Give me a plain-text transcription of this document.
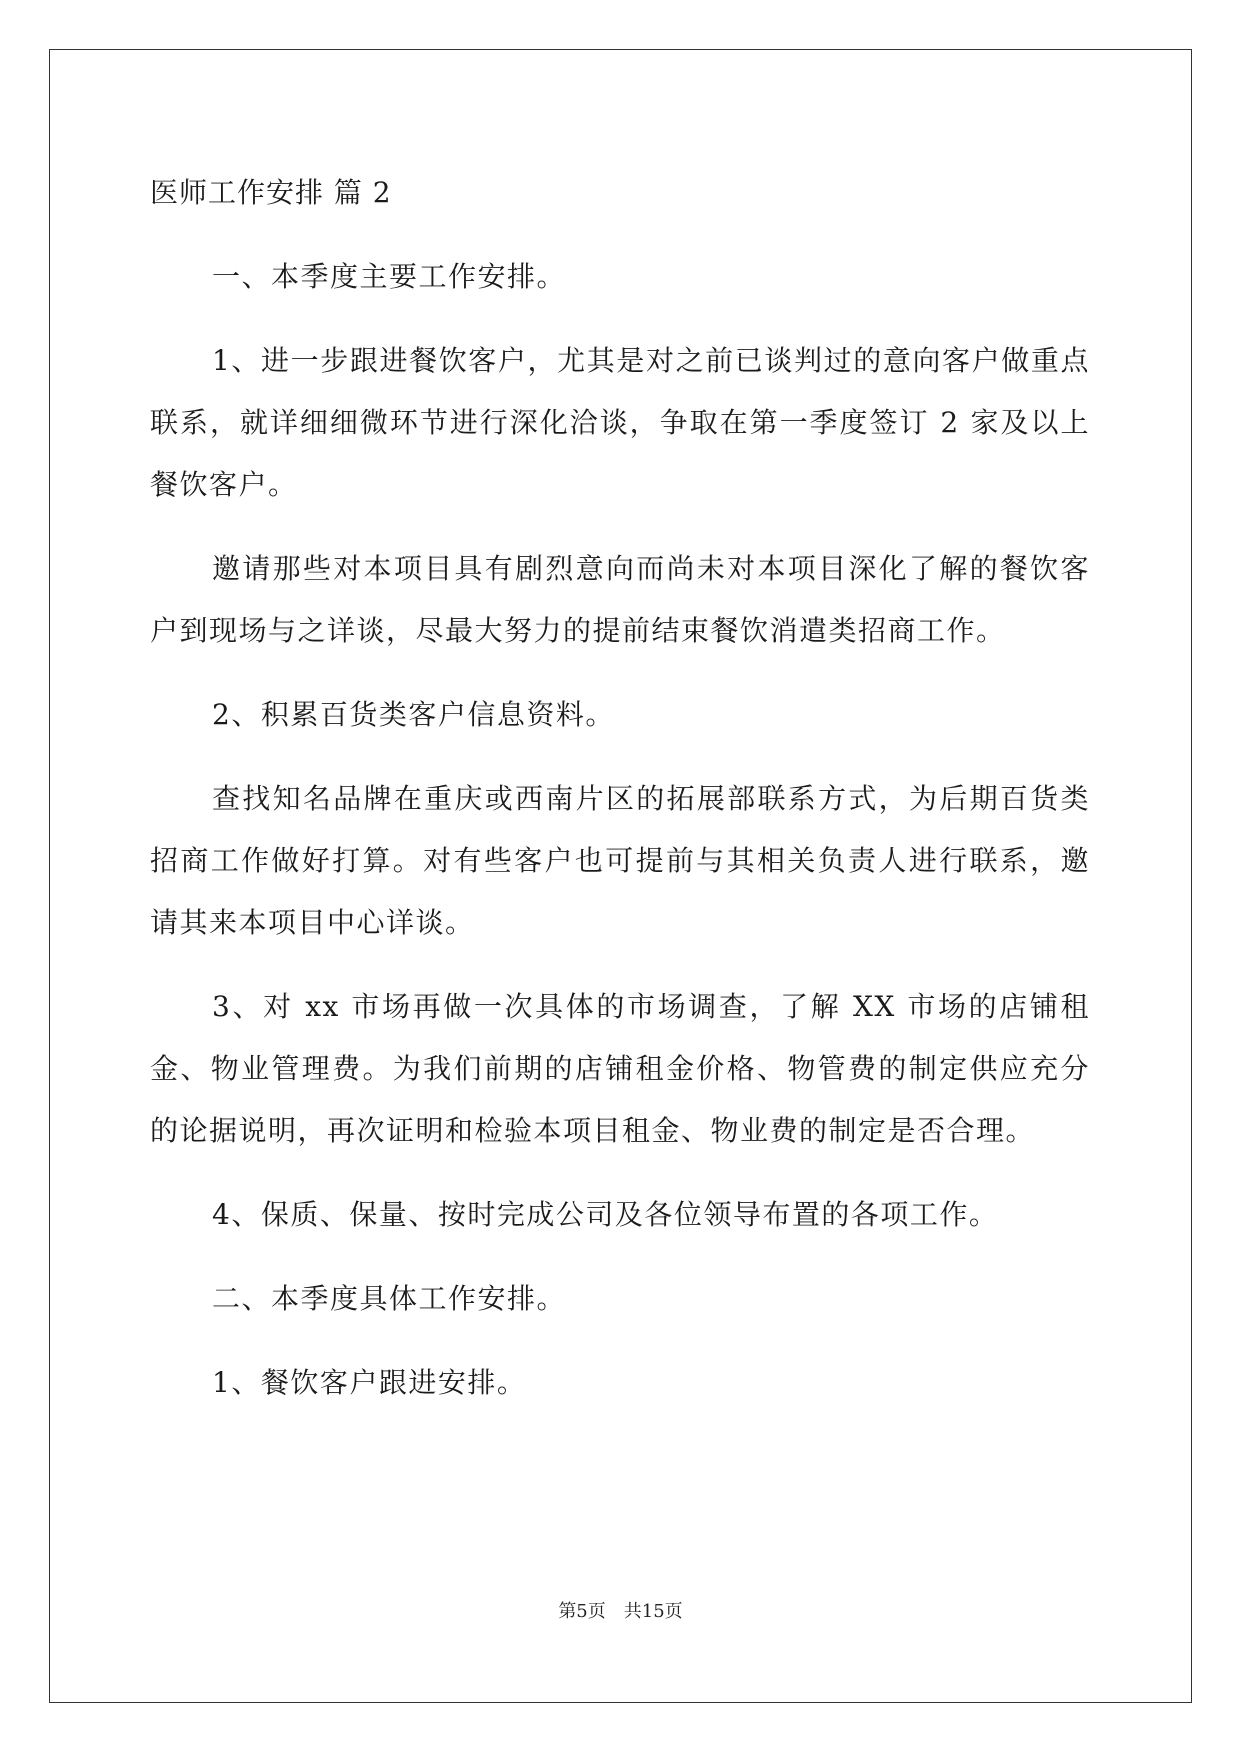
医师工作安排 篇 2

一、本季度主要工作安排。

1、进一步跟进餐饮客户，尤其是对之前已谈判过的意向客户做重点联系，就详细细微环节进行深化洽谈，争取在第一季度签订 2 家及以上餐饮客户。

邀请那些对本项目具有剧烈意向而尚未对本项目深化了解的餐饮客户到现场与之详谈，尽最大努力的提前结束餐饮消遣类招商工作。

2、积累百货类客户信息资料。

查找知名品牌在重庆或西南片区的拓展部联系方式，为后期百货类招商工作做好打算。对有些客户也可提前与其相关负责人进行联系，邀请其来本项目中心详谈。

3、对 xx 市场再做一次具体的市场调查，了解 XX 市场的店铺租金、物业管理费。为我们前期的店铺租金价格、物管费的制定供应充分的论据说明，再次证明和检验本项目租金、物业费的制定是否合理。

4、保质、保量、按时完成公司及各位领导布置的各项工作。

二、本季度具体工作安排。

1、餐饮客户跟进安排。

第5页　共15页
